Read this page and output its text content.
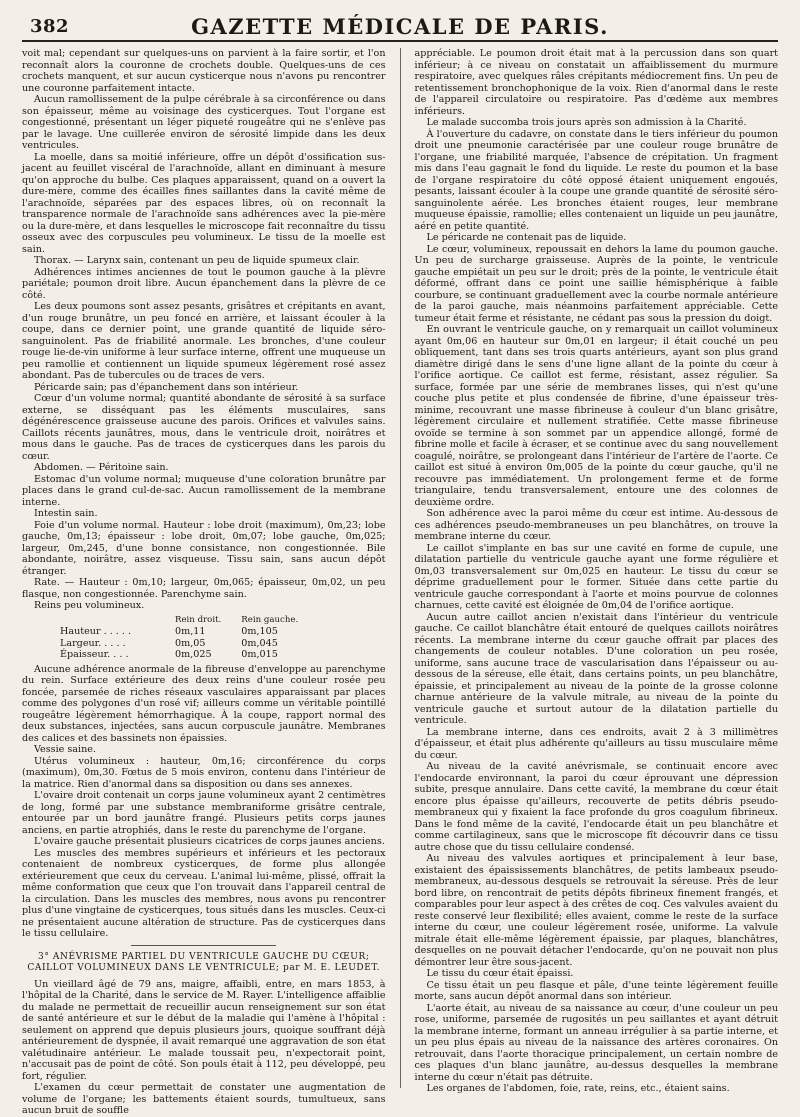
382	GAZETTE MÉDICALE DE PARIS.

voit mal; cependant sur quelques-uns on parvient à la faire sortir, et l'on reconnaît alors la couronne de crochets double. Quelques-uns de ces crochets manquent, et sur aucun cysticerque nous n'avons pu rencontrer une couronne parfaitement intacte.

Aucun ramollissement de la pulpe cérébrale à sa circonférence ou dans son épaisseur, même au voisinage des cysticerques. Tout l'organe est congestionné, présentant un léger piqueté rougeâtre qui ne s'enlève pas par le lavage. Une cuillerée environ de sérosité limpide dans les deux ventricules.

La moelle, dans sa moitié inférieure, offre un dépôt d'ossification sus-jacent au feuillet viscéral de l'arachnoïde, allant en diminuant à mesure qu'on approche du bulbe. Ces plaques apparaissent, quand on a ouvert la dure-mère, comme des écailles fines saillantes dans la cavité même de l'arachnoïde, séparées par des espaces libres, où on reconnaît la transparence normale de l'arachnoïde sans adhérences avec la pie-mère ou la dure-mère, et dans lesquelles le microscope fait reconnaître du tissu osseux avec des corpuscules peu volumineux. Le tissu de la moelle est sain.

Thorax. — Larynx sain, contenant un peu de liquide spumeux clair.

Adhérences intimes anciennes de tout le poumon gauche à la plèvre pariétale; poumon droit libre. Aucun épanchement dans la plèvre de ce côté.

Les deux poumons sont assez pesants, grisâtres et crépitants en avant, d'un rouge brunâtre, un peu foncé en arrière, et laissant écouler à la coupe, dans ce dernier point, une grande quantité de liquide séro-sanguinolent. Pas de friabilité anormale. Les bronches, d'une couleur rouge lie-de-vin uniforme à leur surface interne, offrent une muqueuse un peu ramollie et contiennent un liquide spumeux légèrement rosé assez abondant. Pas de tubercules ou de traces de vers.

Péricarde sain; pas d'épanchement dans son intérieur.

Cœur d'un volume normal; quantité abondante de sérosité à sa surface externe, se disséquant pas les éléments musculaires, sans dégénérescence graisseuse aucune des parois. Orifices et valvules sains. Caillots récents jaunâtres, mous, dans le ventricule droit, noirâtres et mous dans le gauche. Pas de traces de cysticerques dans les parois du cœur.

Abdomen. — Péritoine sain.

Estomac d'un volume normal; muqueuse d'une coloration brunâtre par places dans le grand cul-de-sac. Aucun ramollissement de la membrane interne.

Intestin sain.

Foie d'un volume normal. Hauteur : lobe droit (maximum), 0m,23; lobe gauche, 0m,13; épaisseur : lobe droit, 0m,07; lobe gauche, 0m,025; largeur, 0m,245, d'une bonne consistance, non congestionnée. Bile abondante, noirâtre, assez visqueuse. Tissu sain, sans aucun dépôt étranger.

Rate. — Hauteur : 0m,10; largeur, 0m,065; épaisseur, 0m,02, un peu flasque, non congestionnée. Parenchyme sain.

Reins peu volumineux.

	Rein droit.	Rein gauche.
Hauteur . . . . .	0m,11	0m,105
Largeur. . . . .	0m,05	0m,045
Épaisseur. . . .	0m,025	0m,015

Aucune adhérence anormale de la fibreuse d'enveloppe au parenchyme du rein. Surface extérieure des deux reins d'une couleur rosée peu foncée, parsemée de riches réseaux vasculaires apparaissant par places comme des polygones d'un rosé vif; ailleurs comme un véritable pointillé rougeâtre légèrement hémorrhagique. À la coupe, rapport normal des deux substances, injectées, sans aucun corpuscule jaunâtre. Membranes des calices et des bassinets non épaissies.

Vessie saine.

Utérus volumineux : hauteur, 0m,16; circonférence du corps (maximum), 0m,30. Fœtus de 5 mois environ, contenu dans l'intérieur de la matrice. Rien d'anormal dans sa disposition ou dans ses annexes.

L'ovaire droit contenait un corps jaune volumineux ayant 2 centimètres de long, formé par une substance membraniforme grisâtre centrale, entourée par un bord jaunâtre frangé. Plusieurs petits corps jaunes anciens, en partie atrophiés, dans le reste du parenchyme de l'organe.

L'ovaire gauche présentait plusieurs cicatrices de corps jaunes anciens.

Les muscles des membres supérieurs et inférieurs et les pectoraux contenaient de nombreux cysticerques, de forme plus allongée extérieurement que ceux du cerveau. L'animal lui-même, plissé, offrait la même conformation que ceux que l'on trouvait dans l'appareil central de la circulation. Dans les muscles des membres, nous avons pu rencontrer plus d'une vingtaine de cysticerques, tous situés dans les muscles. Ceux-ci ne présentaient aucune altération de structure. Pas de cysticerques dans le tissu cellulaire.

3° ANÉVRISME PARTIEL DU VENTRICULE GAUCHE DU CŒUR; CAILLOT VOLUMINEUX DANS LE VENTRICULE; par M. E. LEUDET.

Un vieillard âgé de 79 ans, maigre, affaibli, entre, en mars 1853, à l'hôpital de la Charité, dans le service de M. Rayer. L'intelligence affaiblie du malade ne permettait de recueillir aucun renseignement sur son état de santé antérieure et sur le début de la maladie qui l'amène à l'hôpital : seulement on apprend que depuis plusieurs jours, quoique souffrant déjà antérieurement de dyspnée, il avait remarqué une aggravation de son état valétudinaire antérieur. Le malade toussait peu, n'expectorait point, n'accusait pas de point de côté. Son pouls était à 112, peu développé, peu fort, régulier.

L'examen du cœur permettait de constater une augmentation de volume de l'organe; les battements étaient sourds, tumultueux, sans aucun bruit de souffle

appréciable. Le poumon droit était mat à la percussion dans son quart inférieur; à ce niveau on constatait un affaiblissement du murmure respiratoire, avec quelques râles crépitants médiocrement fins. Un peu de retentissement bronchophonique de la voix. Rien d'anormal dans le reste de l'appareil circulatoire ou respiratoire. Pas d'œdème aux membres inférieurs.

Le malade succomba trois jours après son admission à la Charité.

À l'ouverture du cadavre, on constate dans le tiers inférieur du poumon droit une pneumonie caractérisée par une couleur rouge brunâtre de l'organe, une friabilité marquée, l'absence de crépitation. Un fragment mis dans l'eau gagnait le fond du liquide. Le reste du poumon et la base de l'organe respiratoire du côté opposé étaient uniquement engoués, pesants, laissant écouler à la coupe une grande quantité de sérosité séro-sanguinolente aérée. Les bronches étaient rouges, leur membrane muqueuse épaissie, ramollie; elles contenaient un liquide un peu jaunâtre, aéré en petite quantité.

Le péricarde ne contenait pas de liquide.

Le cœur, volumineux, repoussait en dehors la lame du poumon gauche. Un peu de surcharge graisseuse. Auprès de la pointe, le ventricule gauche empiétait un peu sur le droit; près de la pointe, le ventricule était déformé, offrant dans ce point une saillie hémisphérique à faible courbure, se continuant graduellement avec la courbe normale antérieure de la paroi gauche, mais néanmoins parfaitement appréciable. Cette tumeur était ferme et résistante, ne cédant pas sous la pression du doigt.

En ouvrant le ventricule gauche, on y remarquait un caillot volumineux ayant 0m,06 en hauteur sur 0m,01 en largeur; il était couché un peu obliquement, tant dans ses trois quarts antérieurs, ayant son plus grand diamètre dirigé dans le sens d'une ligne allant de la pointe du cœur à l'orifice aortique. Ce caillot est ferme, résistant, assez régulier. Sa surface, formée par une série de membranes lisses, qui n'est qu'une couche plus petite et plus condensée de fibrine, d'une épaisseur très-minime, recouvrant une masse fibrineuse à couleur d'un blanc grisâtre, légèrement circulaire et nullement stratifiée. Cette masse fibrineuse ovoïde se termine à son sommet par un appendice allongé, formé de fibrine molle et facile à écraser, et se continue avec du sang nouvellement coagulé, noirâtre, se prolongeant dans l'intérieur de l'artère de l'aorte. Ce caillot est situé à environ 0m,005 de la pointe du cœur gauche, qu'il ne recouvre pas immédiatement. Un prolongement ferme et de forme triangulaire, tendu transversalement, entoure une des colonnes de deuxième ordre.

Son adhérence avec la paroi même du cœur est intime. Au-dessous de ces adhérences pseudo-membraneuses un peu blanchâtres, on trouve la membrane interne du cœur.

Le caillot s'implante en bas sur une cavité en forme de cupule, une dilatation partielle du ventricule gauche ayant une forme régulière et 0m,03 transversalement sur 0m,025 en hauteur. Le tissu du cœur se déprime graduellement pour le former. Située dans cette partie du ventricule gauche correspondant à l'aorte et moins pourvue de colonnes charnues, cette cavité est éloignée de 0m,04 de l'orifice aortique.

Aucun autre caillot ancien n'existait dans l'intérieur du ventricule gauche. Ce caillot blanchâtre était entouré de quelques caillots noirâtres récents. La membrane interne du cœur gauche offrait par places des changements de couleur notables. D'une coloration un peu rosée, uniforme, sans aucune trace de vascularisation dans l'épaisseur ou au-dessous de la séreuse, elle était, dans certains points, un peu blanchâtre, épaissie, et principalement au niveau de la pointe de la grosse colonne charnue antérieure de la valvule mitrale, au niveau de la pointe du ventricule gauche et surtout autour de la dilatation partielle du ventricule.

La membrane interne, dans ces endroits, avait 2 à 3 millimètres d'épaisseur, et était plus adhérente qu'ailleurs au tissu musculaire même du cœur.

Au niveau de la cavité anévrismale, se continuait encore avec l'endocarde environnant, la paroi du cœur éprouvant une dépression subite, presque annulaire. Dans cette cavité, la membrane du cœur était encore plus épaisse qu'ailleurs, recouverte de petits débris pseudo-membraneux qui y fixaient la face profonde du gros coagulum fibrineux. Dans le fond même de la cavité, l'endocarde était un peu blanchâtre et comme cartilagineux, sans que le microscope fît découvrir dans ce tissu autre chose que du tissu cellulaire condensé.

Au niveau des valvules aortiques et principalement à leur base, existaient des épaississements blanchâtres, de petits lambeaux pseudo-membraneux, au-dessous desquels se retrouvait la séreuse. Près de leur bord libre, on rencontrait de petits dépôts fibrineux finement frangés, et comparables pour leur aspect à des crêtes de coq. Ces valvules avaient du reste conservé leur flexibilité; elles avaient, comme le reste de la surface interne du cœur, une couleur légèrement rosée, uniforme. La valvule mitrale était elle-même légèrement épaissie, par plaques, blanchâtres, desquelles on ne pouvait détacher l'endocarde, qu'on ne pouvait non plus démontrer leur être sous-jacent.

Le tissu du cœur était épaissi.

Ce tissu était un peu flasque et pâle, d'une teinte légèrement feuille morte, sans aucun dépôt anormal dans son intérieur.

L'aorte était, au niveau de sa naissance au cœur, d'une couleur un peu rose, uniforme, parsemée de rugosités un peu saillantes et ayant détruit la membrane interne, formant un anneau irrégulier à sa partie interne, et un peu plus épais au niveau de la naissance des artères coronaires. On retrouvait, dans l'aorte thoracique principalement, un certain nombre de ces plaques d'un blanc jaunâtre, au-dessus desquelles la membrane interne du cœur n'était pas détruite.

Les organes de l'abdomen, foie, rate, reins, etc., étaient sains.
